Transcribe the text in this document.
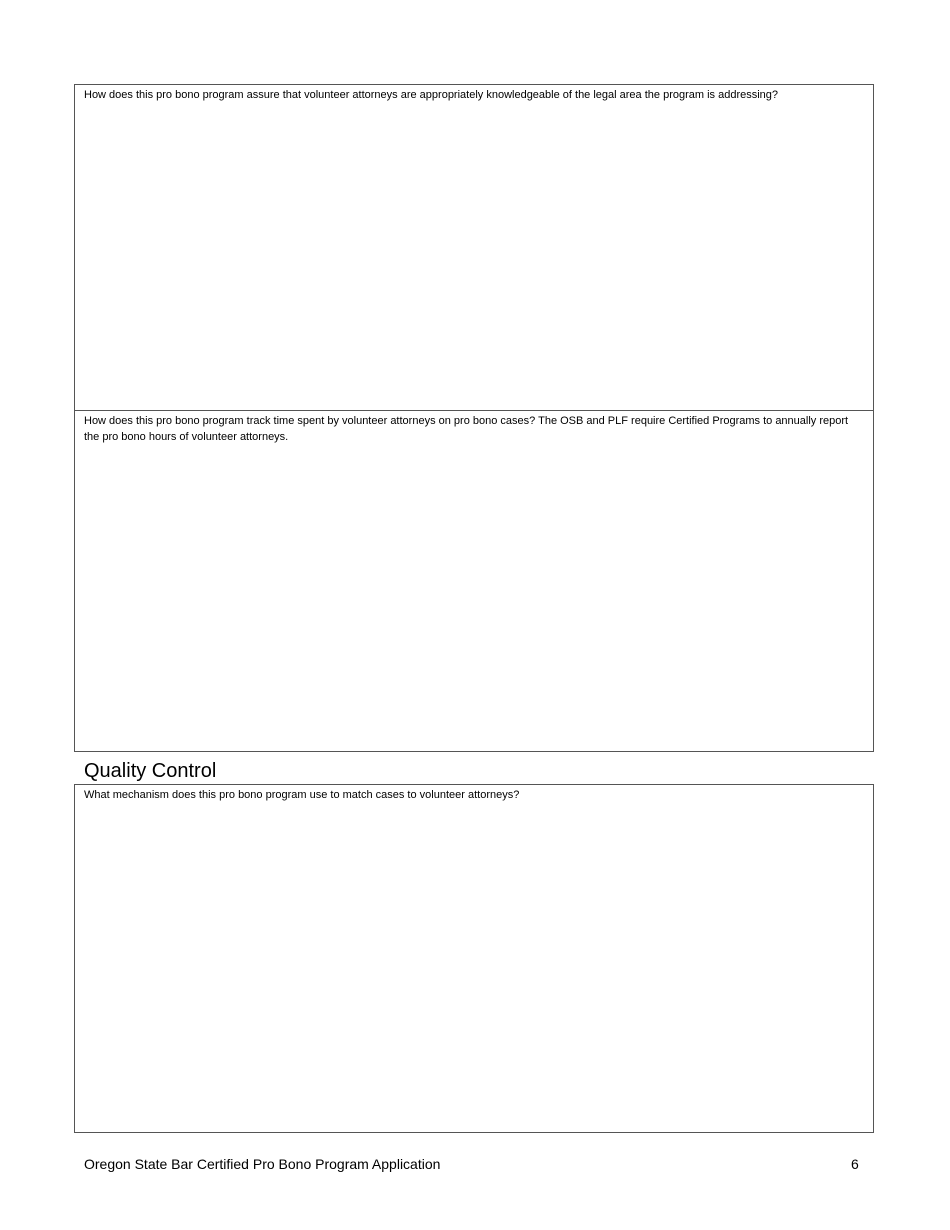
How does this pro bono program assure that volunteer attorneys are appropriately knowledgeable of the legal area the program is addressing?

How does this pro bono program track time spent by volunteer attorneys on pro bono cases? The OSB and PLF require Certified Programs to annually report the pro bono hours of volunteer attorneys.

Quality Control

What mechanism does this pro bono program use to match cases to volunteer attorneys?

Oregon State Bar Certified Pro Bono Program Application	6
